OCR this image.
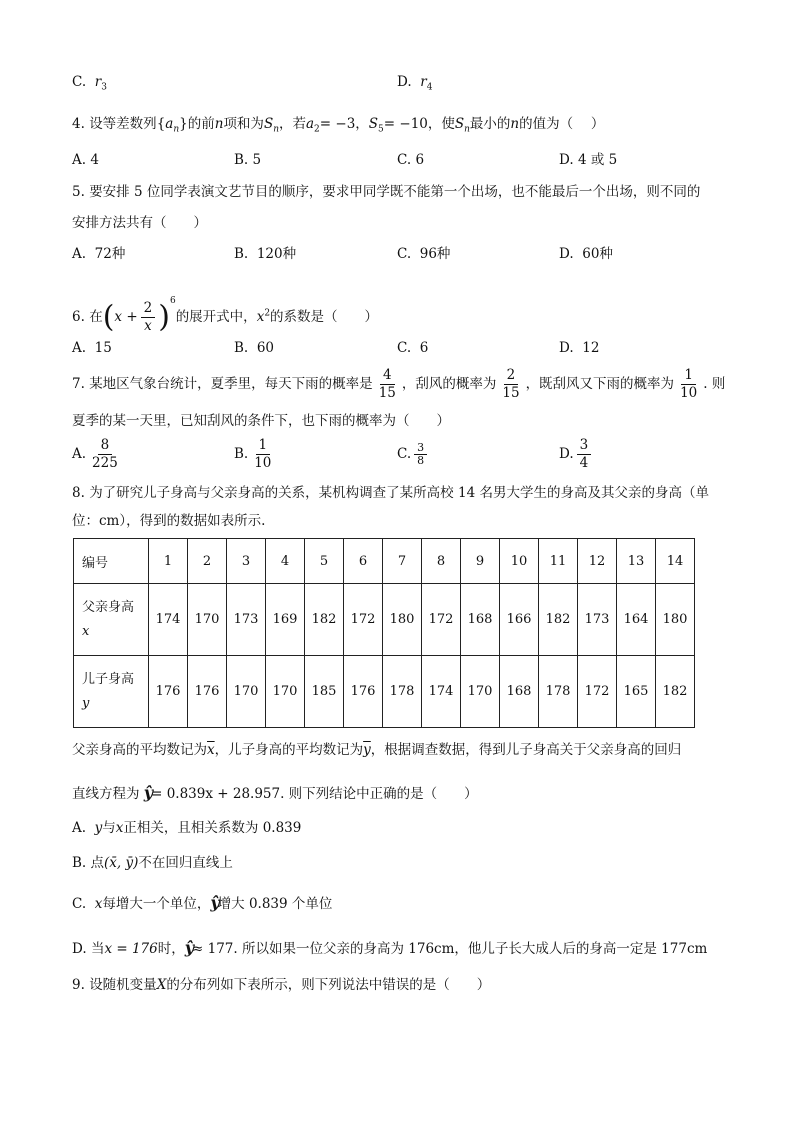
C. $r_3$	D. $r_4$
4. 设等差数列$\{a_n\}$的前n项和为$S_n$，若$a_2= -3$，$S_5= -10$，使$S_n$最小的n的值为（　 ）
A. 4	B. 5	C. 6	D. 4 或 5
5. 要安排 5 位同学表演文艺节目的顺序，要求甲同学既不能第一个出场，也不能最后一个出场，则不同的
安排方法共有（　　）
A. 72种	B. 120种	C. 96种	D. 60种
6. 在$(x + \frac{2}{x} )^6$的展开式中，$x^2$的系数是（　　）
A. 15	B. 60	C. 6	D. 12
7. 某地区气象台统计，夏季里，每天下雨的概率是 $\frac{4}{15}$ ，刮风的概率为 $\frac{2}{15}$ ，既刮风又下雨的概率为 $\frac{1}{10}$ . 则
夏季的某一天里，已知刮风的条件下，也下雨的概率为（　　）
A. $\frac{8}{225}$	B. $\frac{1}{10}$	C. $\frac{3}{8}$	D. $\frac{3}{4}$
8. 为了研究儿子身高与父亲身高的关系，某机构调查了某所高校 14 名男大学生的身高及其父亲的身高（单
位：cm），得到的数据如表所示.
编号	1	2	3	4	5	6	7	8	9	10	11	12	13	14
父亲身高
x	174	170	173	169	182	172	180	172	168	166	182	173	164	180
儿子身高
y	176	176	170	170	185	176	178	174	170	168	178	172	165	182
父亲身高的平均数记为$\overline{x}$，儿子身高的平均数记为$\overline{y}$，根据调查数据，得到儿子身高关于父亲身高的回归
直线方程为 ŷ= 0.839x + 28.957. 则下列结论中正确的是（　　）
A. y与x正相关，且相关系数为 0.839
B. 点(x̄, ȳ)不在回归直线上
C. x每增大一个单位，ŷ增大 0.839 个单位
D. 当x = 176时，ŷ≈ 177. 所以如果一位父亲的身高为 176cm，他儿子长大成人后的身高一定是 177cm
9. 设随机变量X的分布列如下表所示，则下列说法中错误的是（　　）
